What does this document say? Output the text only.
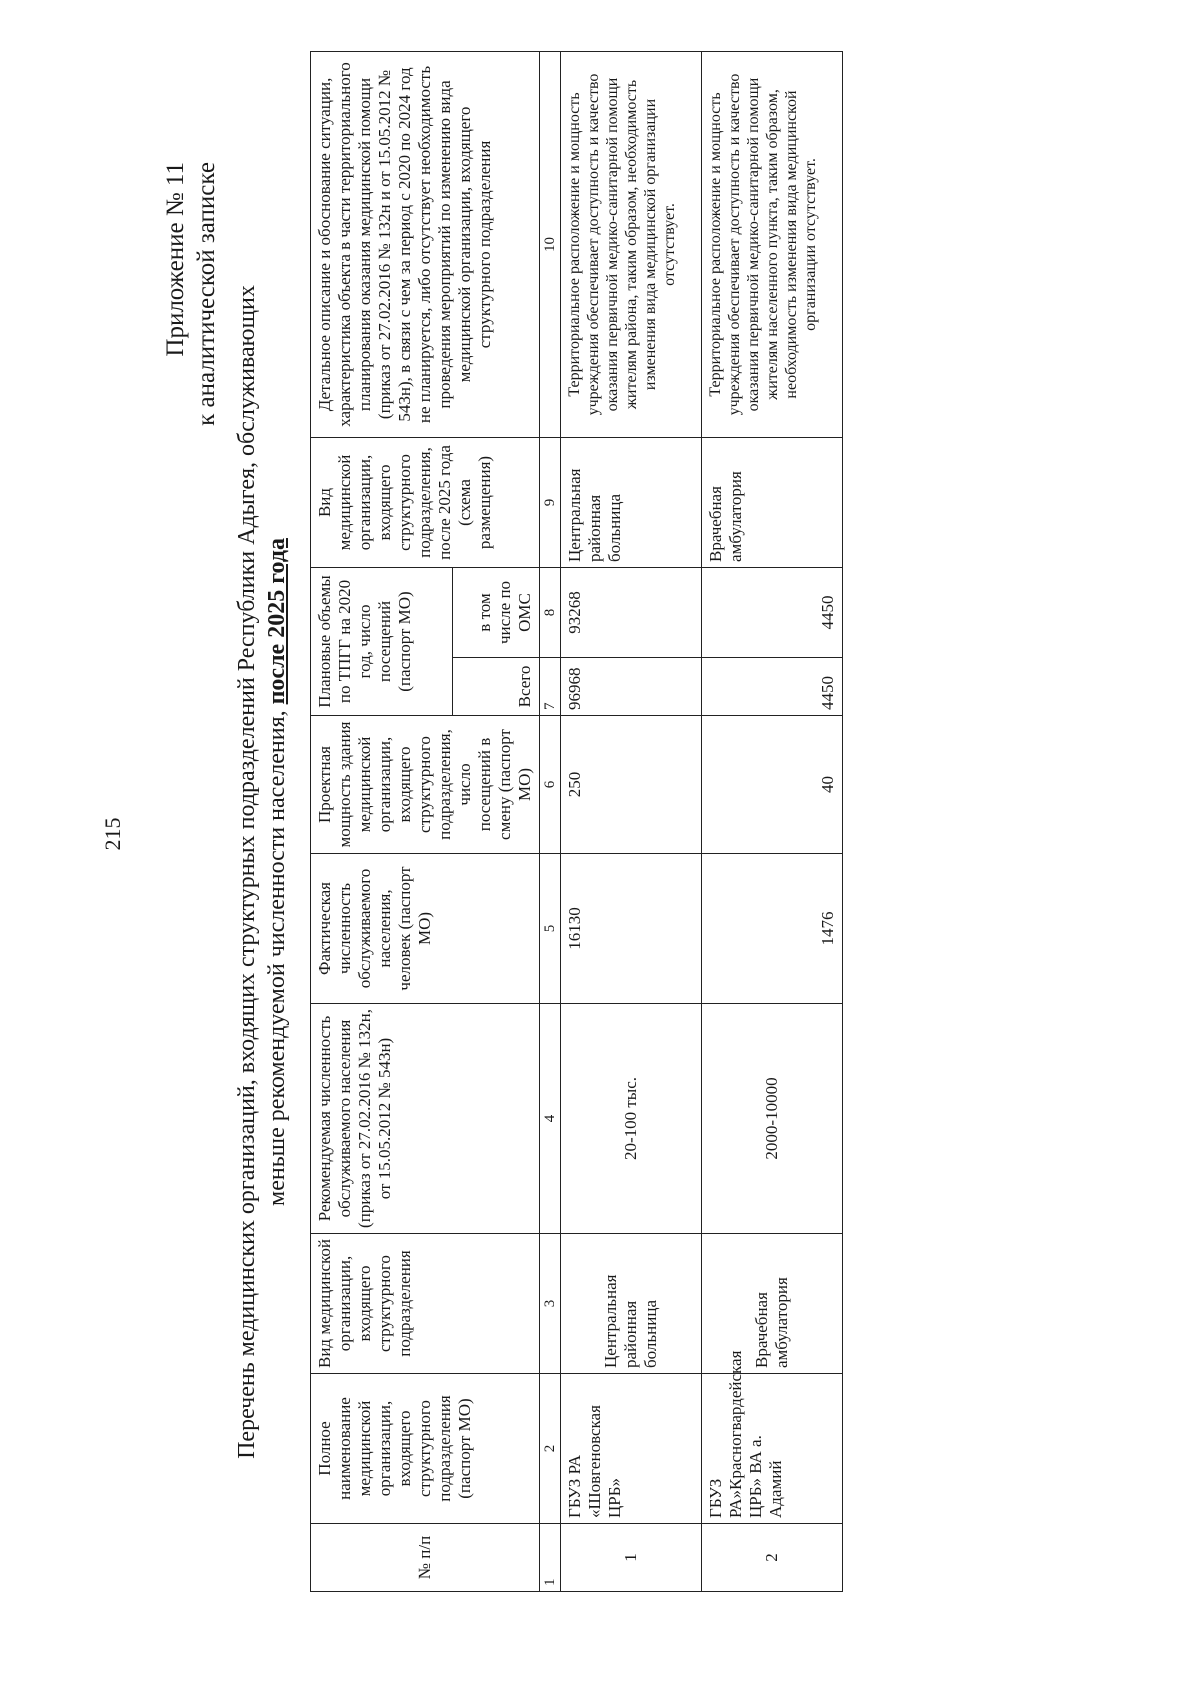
215
Приложение № 11 к аналитической записке Перечень медицинских организаций, входящих структурных подразделений Республики Адыгея, обслуживающих меньше рекомендуемой численности населения, после 2025 года
№ п/п	Полное наименование медицинской организации, входящего структурного подразделения (паспорт МО)	Вид медицинской организации, входящего структурного подразделения	Рекомендуемая численность обслуживаемого населения (приказ от 27.02.2016 № 132н, от 15.05.2012 № 543н)	Фактическая численность обслуживаемого населения, человек (паспорт МО)	Проектная мощность здания медицинской организации, входящего структурного подразделения, число посещений в смену (паспорт МО)	Плановые объемы по ТПГГ на 2020 год, число посещений (паспорт МО)		Вид медицинской организации, входящего структурного подразделения, после 2025 года (схема размещения)	Детальное описание и обоснование ситуации, характеристика объекта в части территориального планирования оказания медицинской помощи (приказ от 27.02.2016 № 132н и от 15.05.2012 № 543н), в связи с чем за период с 2020 по 2024 год не планируется, либо отсутствует необходимость проведения мероприятий по изменению вида медицинской организации, входящего структурного подразделения
						Всего	в том числе по ОМС		
1	2	3	4	5	6	7	8	9	10
1	ГБУЗ РА «Шовгеновская ЦРБ»	Центральная районная больница	20-100 тыс.	16130	250	96968	93268	Центральная районная больница	Территориальное расположение и мощность учреждения обеспечивает доступность и качество оказания первичной медико-санитарной помощи жителям района, таким образом, необходимость изменения вида медицинской организации отсутствует.
2	ГБУЗ РА»Красногвардейская ЦРБ» ВА а. Адамий	Врачебная амбулатория	2000-10000	1476	40	4450	4450	Врачебная амбулатория	Территориальное расположение и мощность учреждения обеспечивает доступность и качество оказания первичной медико-санитарной помощи жителям населенного пункта, таким образом, необходимость изменения вида медицинской организации отсутствует.
